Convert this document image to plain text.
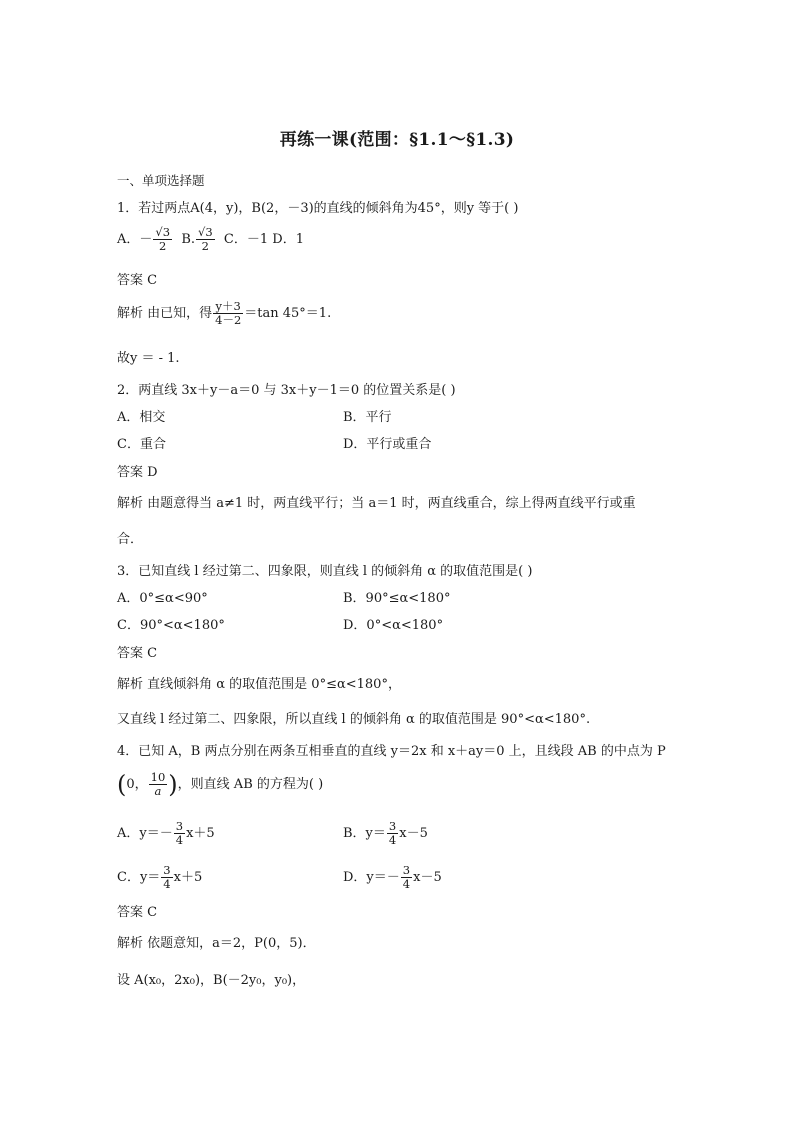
再练一课(范围：§1.1～§1.3)
一、单项选择题
1．若过两点A(4，y)，B(2，－3)的直线的倾斜角为45°，则y 等于( )
A．－ $\frac{√3}{2} B$. $\frac{√3}{2}$ C．－1 D．1
答案 C
解析 由已知，得 $\frac{y+3}{4-2} =\tan$ 45°＝1.
故y ＝ - 1.
2．两直线 3x＋y－a＝0 与 3x＋y－1＝0 的位置关系是( )
A．相交	B．平行
C．重合	D．平行或重合
答案 D
解析 由题意得当 a≠1 时，两直线平行；当 a＝1 时，两直线重合，综上得两直线平行或重
合．
3．已知直线 l 经过第二、四象限，则直线 l 的倾斜角 α 的取值范围是( )
A．0°≤α<90°	B．90°≤α<180°
C．90°<α<180°	D．0°<α<180°
答案 C
解析 直线倾斜角 α 的取值范围是 0°≤α<180°，
又直线 l 经过第二、四象限，所以直线 l 的倾斜角 α 的取值范围是 90°<α<180°.
4．已知 A，B 两点分别在两条互相垂直的直线 y＝2x 和 x＋ay＝0 上，且线段 AB 的中点为 P
(0， $\frac{10}{a}$ )，则直线 AB 的方程为( )
A．$y=- \frac{3}{4} x+5$	B．$y= \frac{3}{4} x-5$
C．$y= \frac{3}{4} x+5$	D．$y=- \frac{3}{4} x-5$
答案 C
解析 依题意知，a＝2，P(0，5)．
设 A(x₀，2x₀)，B(－2y₀，y₀)，
